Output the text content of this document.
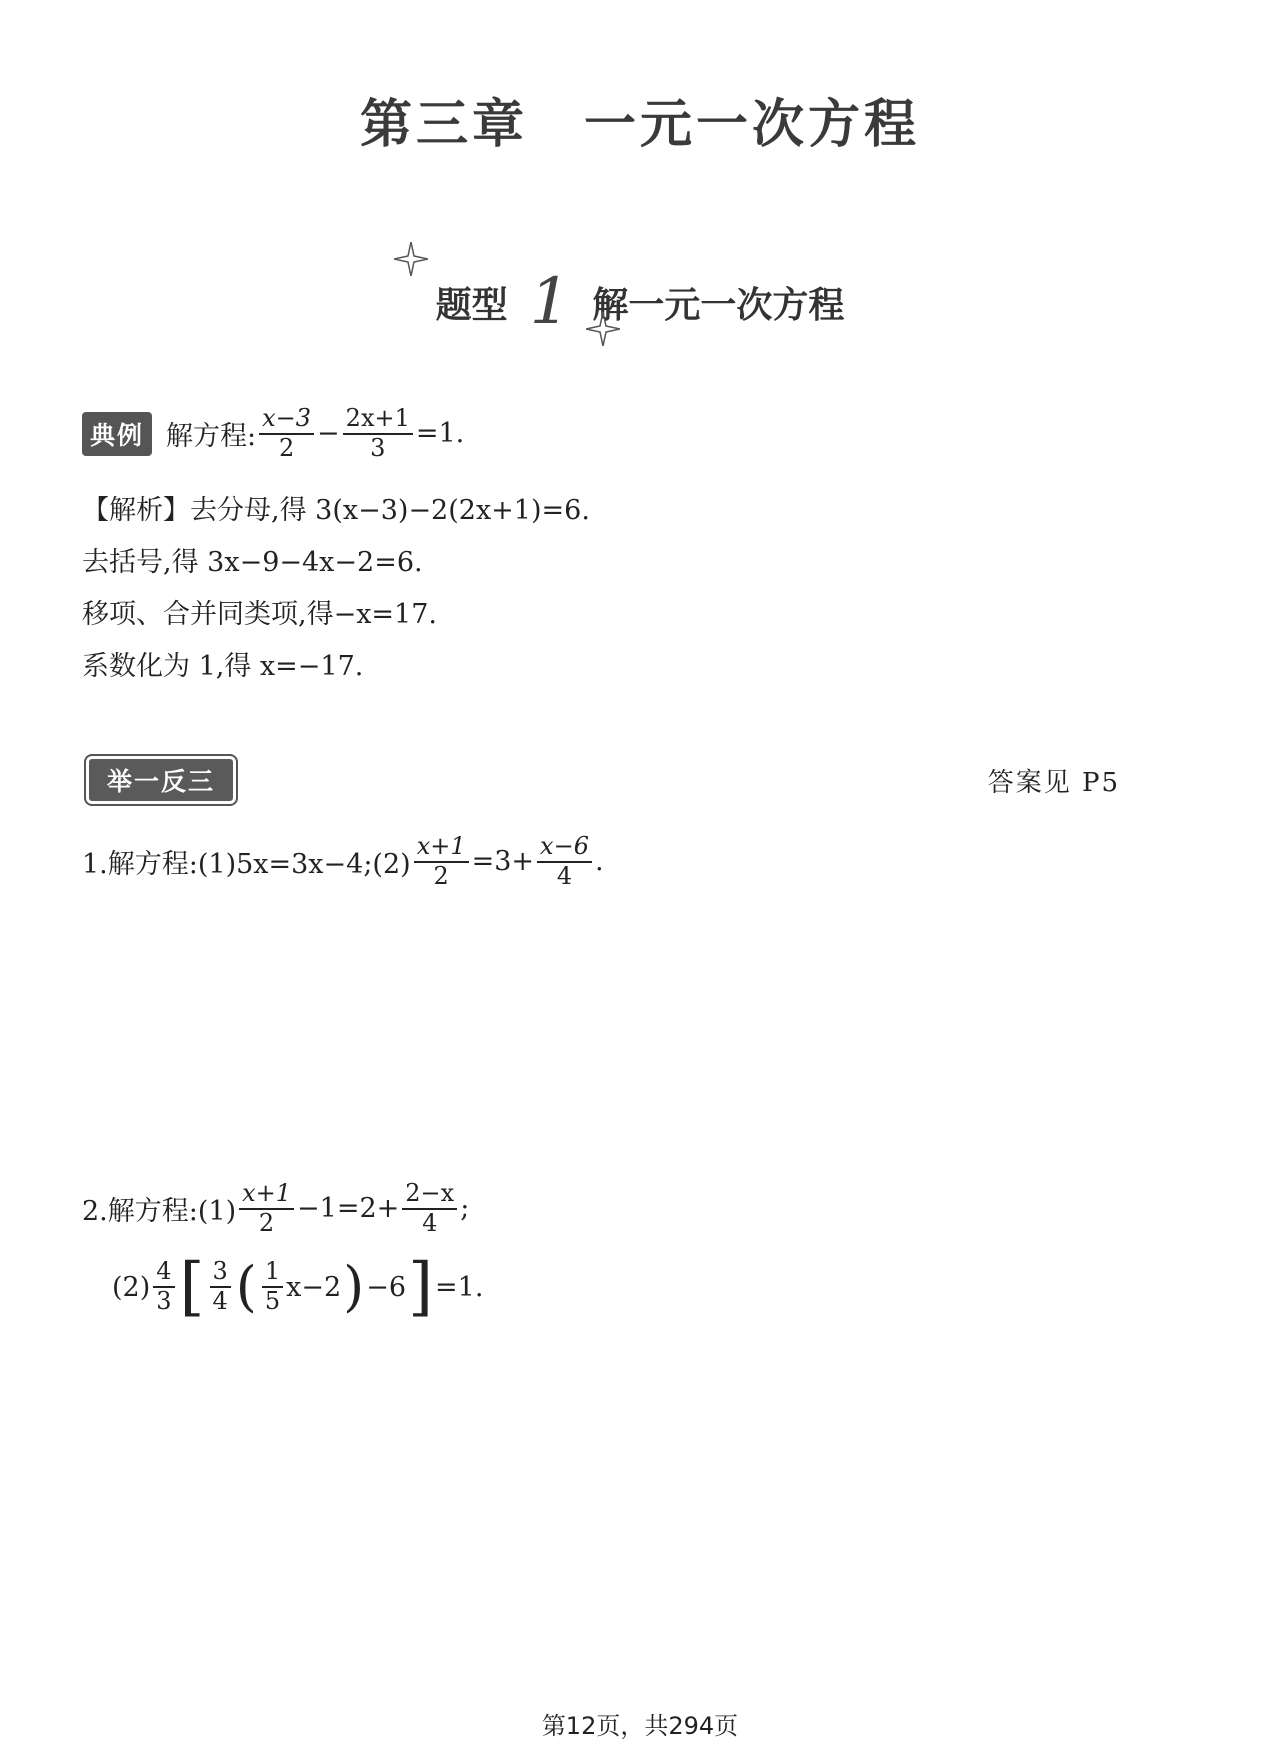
第三章　一元一次方程
题型 1 解一元一次方程
典例 解方程: $\frac{x-3}{2} - \frac{2x+1}{3} =1$.
【解析】 去分母,得 3(x−3)−2(2x+1)=6.
去括号,得 3x−9−4x−2=6.
移项、合并同类项,得−x=17.
系数化为 1,得 x=−17.
举一反三	答案见 P5
1.解方程:(1)5x=3x−4;(2) $\frac{x+1}{2} =3+ \frac{x-6}{4}$ .
2.解方程:(1) $\frac{x+1}{2} -1=2+ \frac{2-x}{4}$ ;
$(2) \frac{4}{3}$ [ $\frac{3}{4}$ ( $\frac{1}{5} x-2$ ) −6 ] =1.
第12页，共294页
